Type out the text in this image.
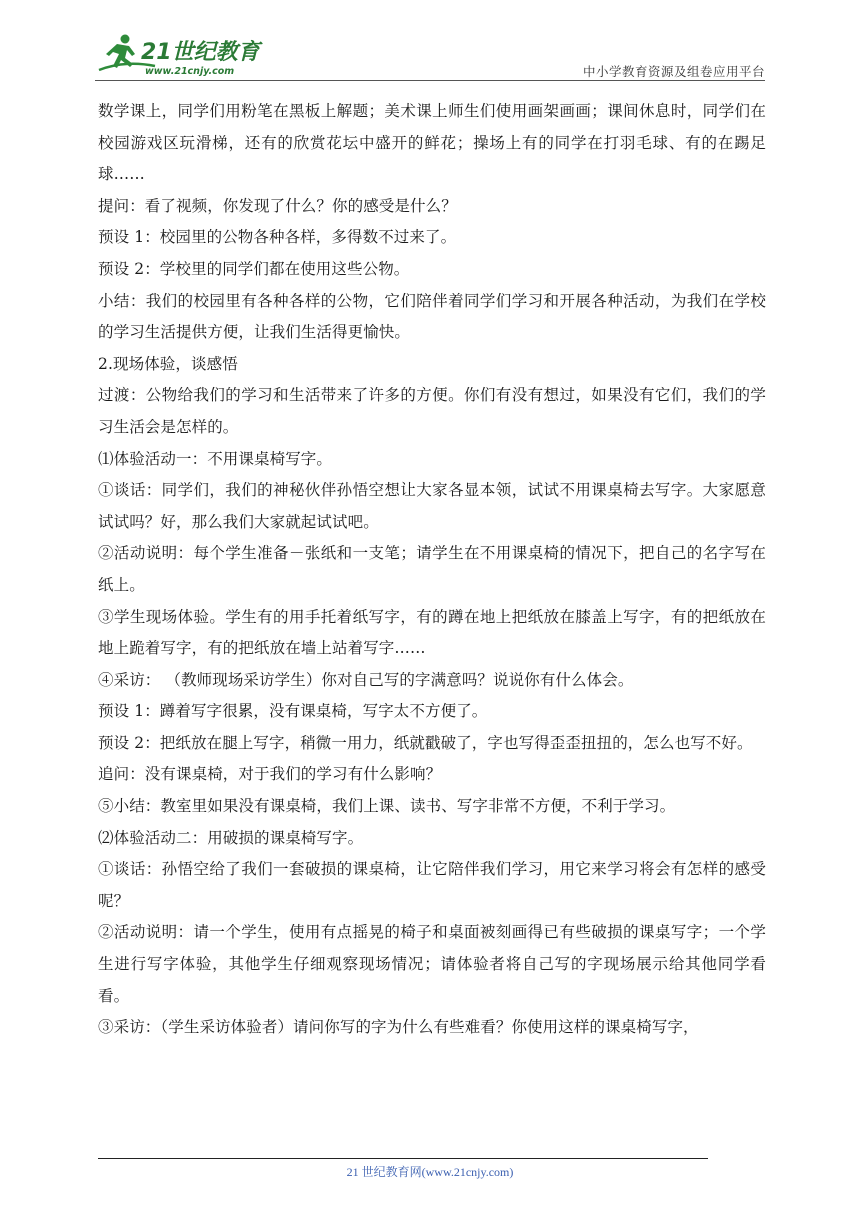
21世纪教育
www.21cnjy.com	中小学教育资源及组卷应用平台

数学课上，同学们用粉笔在黑板上解题；美术课上师生们使用画架画画；课间休息时，同学们在校园游戏区玩滑梯，还有的欣赏花坛中盛开的鲜花；操场上有的同学在打羽毛球、有的在踢足球……

提问：看了视频，你发现了什么？你的感受是什么？

预设 1：校园里的公物各种各样，多得数不过来了。

预设 2：学校里的同学们都在使用这些公物。

小结：我们的校园里有各种各样的公物，它们陪伴着同学们学习和开展各种活动，为我们在学校的学习生活提供方便，让我们生活得更愉快。

2.现场体验，谈感悟

过渡：公物给我们的学习和生活带来了许多的方便。你们有没有想过，如果没有它们，我们的学习生活会是怎样的。

⑴体验活动一：不用课桌椅写字。

①谈话：同学们，我们的神秘伙伴孙悟空想让大家各显本领，试试不用课桌椅去写字。大家愿意试试吗？好，那么我们大家就起试试吧。

②活动说明：每个学生准备－张纸和一支笔；请学生在不用课桌椅的情况下，把自己的名字写在纸上。

③学生现场体验。学生有的用手托着纸写字，有的蹲在地上把纸放在膝盖上写字，有的把纸放在地上跪着写字，有的把纸放在墙上站着写字……

④采访： （教师现场采访学生）你对自己写的字满意吗？说说你有什么体会。

预设 1：蹲着写字很累，没有课桌椅，写字太不方便了。

预设 2：把纸放在腿上写字，稍微一用力，纸就戳破了，字也写得歪歪扭扭的，怎么也写不好。

追问：没有课桌椅，对于我们的学习有什么影响？

⑤小结：教室里如果没有课桌椅，我们上课、读书、写字非常不方便，不利于学习。

⑵体验活动二：用破损的课桌椅写字。

①谈话：孙悟空给了我们一套破损的课桌椅，让它陪伴我们学习，用它来学习将会有怎样的感受呢？

②活动说明：请一个学生，使用有点摇晃的椅子和桌面被刻画得已有些破损的课桌写字；一个学生进行写字体验，其他学生仔细观察现场情况；请体验者将自己写的字现场展示给其他同学看看。

③采访：（学生采访体验者）请问你写的字为什么有些难看？你使用这样的课桌椅写字，

21 世纪教育网(www.21cnjy.com)
